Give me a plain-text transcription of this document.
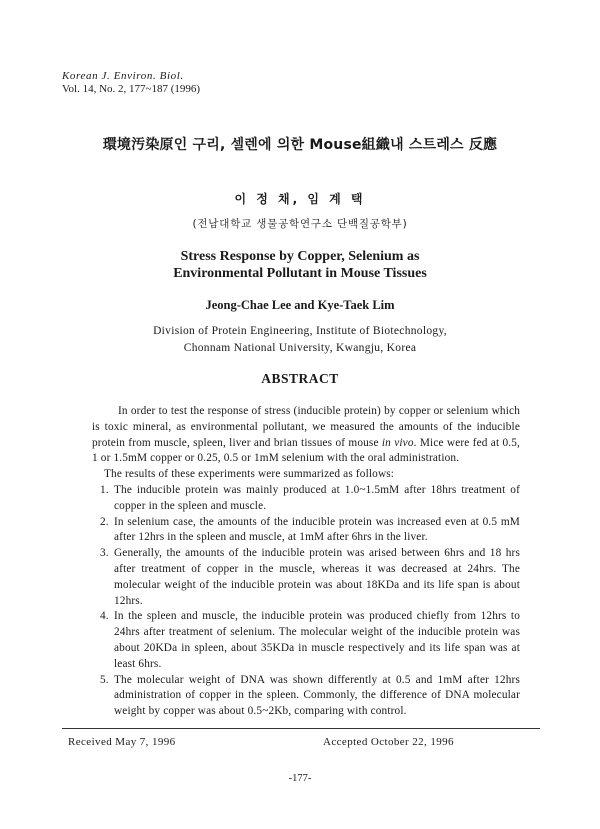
Korean J. Environ. Biol.
Vol. 14, No. 2, 177~187 (1996)
環境汚染原인 구리, 셀렌에 의한 Mouse組織내 스트레스 反應
이 정 채, 임 계 택
(전남대학교 생물공학연구소 단백질공학부)
Stress Response by Copper, Selenium as
Environmental Pollutant in Mouse Tissues
Jeong-Chae Lee and Kye-Taek Lim
Division of Protein Engineering, Institute of Biotechnology,
Chonnam National University, Kwangju, Korea
ABSTRACT

In order to test the response of stress (inducible protein) by copper or selenium which is toxic mineral, as environmental pollutant, we measured the amounts of the inducible protein from muscle, spleen, liver and brian tissues of mouse in vivo. Mice were fed at 0.5, 1 or 1.5mM copper or 0.25, 0.5 or 1mM selenium with the oral administration.

The results of these experiments were summarized as follows:

1. The inducible protein was mainly produced at 1.0~1.5mM after 18hrs treatment of copper in the spleen and muscle.
2. In selenium case, the amounts of the inducible protein was increased even at 0.5 mM after 12hrs in the spleen and muscle, at 1mM after 6hrs in the liver.
3. Generally, the amounts of the inducible protein was arised between 6hrs and 18 hrs after treatment of copper in the muscle, whereas it was decreased at 24hrs. The molecular weight of the inducible protein was about 18KDa and its life span is about 12hrs.
4. In the spleen and muscle, the inducible protein was produced chiefly from 12hrs to 24hrs after treatment of selenium. The molecular weight of the inducible protein was about 20KDa in spleen, about 35KDa in muscle respectively and its life span was at least 6hrs.
5. The molecular weight of DNA was shown differently at 0.5 and 1mM after 12hrs administration of copper in the spleen. Commonly, the difference of DNA molecular weight by copper was about 0.5~2Kb, comparing with control.
Received May 7, 1996	Accepted October 22, 1996
-177-
